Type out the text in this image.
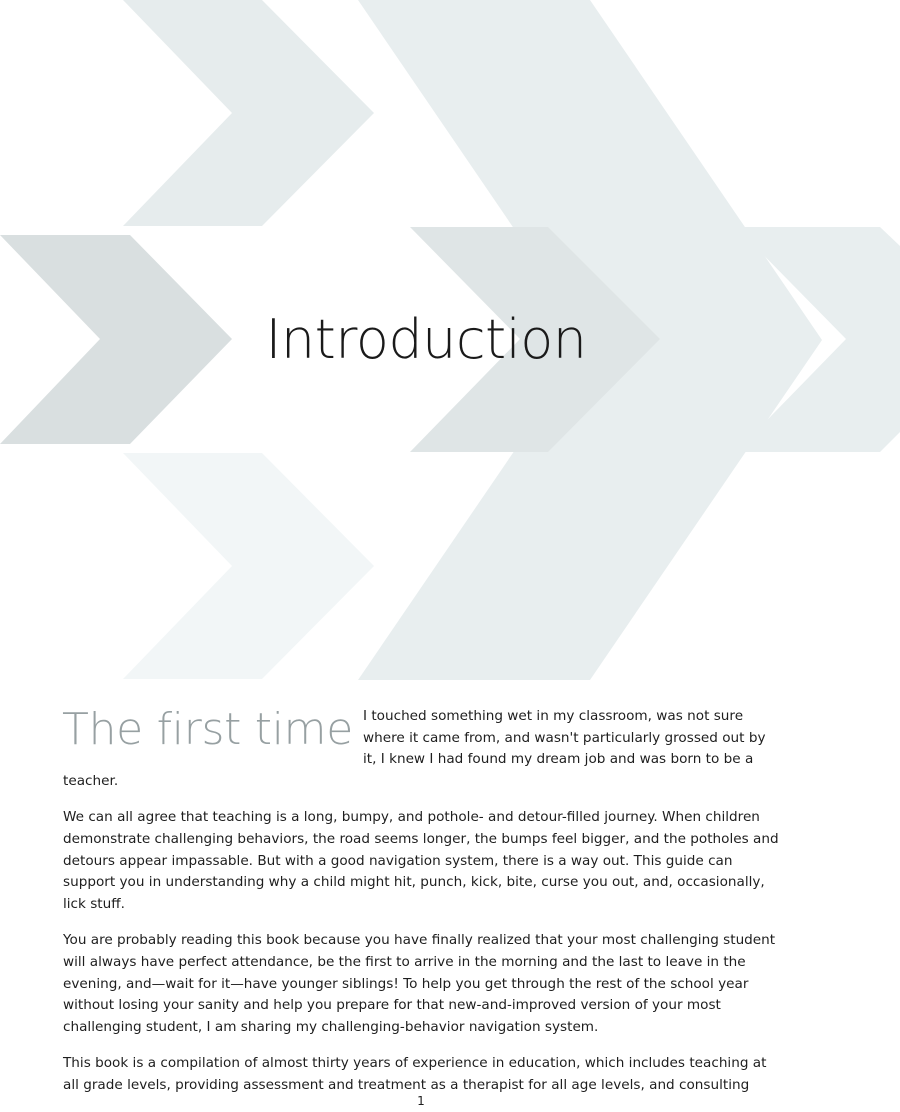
Introduction

The first time I touched something wet in my classroom, was not sure where it came from, and wasn't particularly grossed out by it, I knew I had found my dream job and was born to be a teacher.

We can all agree that teaching is a long, bumpy, and pothole- and detour-filled journey. When children demonstrate challenging behaviors, the road seems longer, the bumps feel bigger, and the potholes and detours appear impassable. But with a good navigation system, there is a way out. This guide can support you in understanding why a child might hit, punch, kick, bite, curse you out, and, occasionally, lick stuff.

You are probably reading this book because you have finally realized that your most challenging student will always have perfect attendance, be the first to arrive in the morning and the last to leave in the evening, and—wait for it—have younger siblings! To help you get through the rest of the school year without losing your sanity and help you prepare for that new-and-improved version of your most challenging student, I am sharing my challenging-behavior navigation system.

This book is a compilation of almost thirty years of experience in education, which includes teaching at all grade levels, providing assessment and treatment as a therapist for all age levels, and consulting

1
